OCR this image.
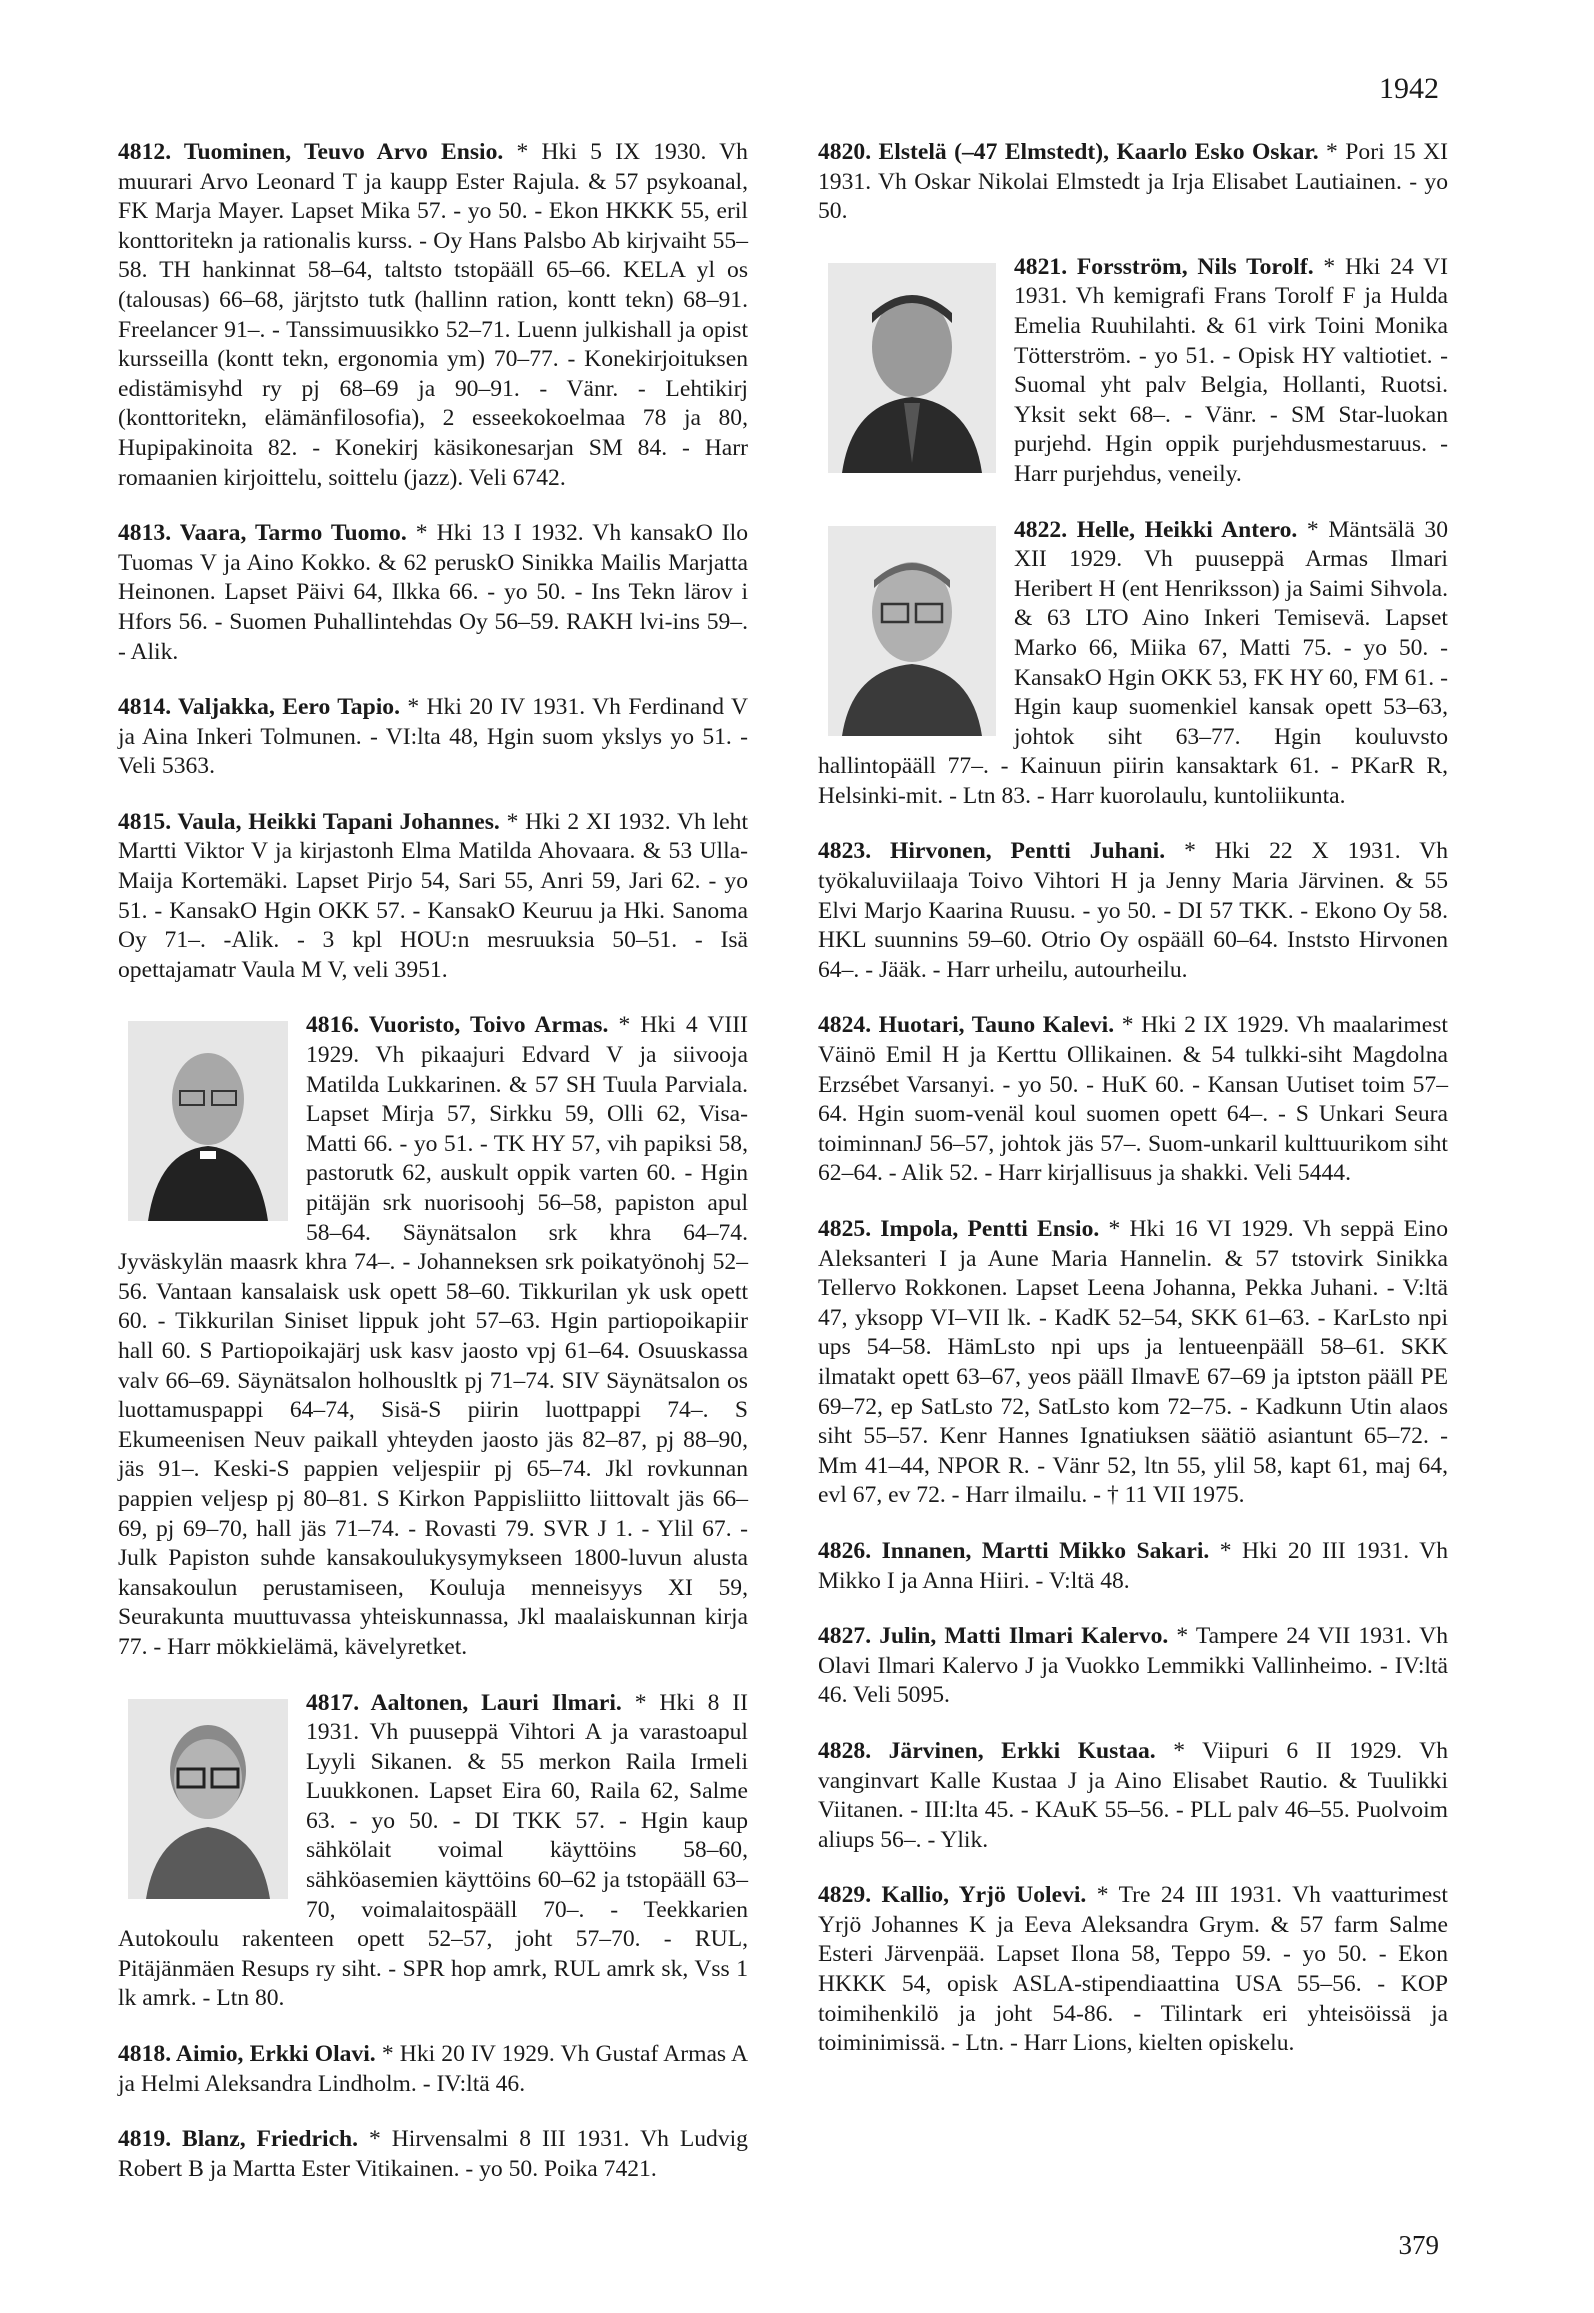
1942
4812. Tuominen, Teuvo Arvo Ensio. * Hki 5 IX 1930. Vh muurari Arvo Leonard T ja kaupp Ester Rajula. & 57 psykoanal, FK Marja Mayer. Lapset Mika 57. - yo 50. - Ekon HKKK 55, eril konttoritekn ja rationalis kurss. - Oy Hans Palsbo Ab kirjvaiht 55–58. TH hankinnat 58–64, taltsto tstopääll 65–66. KELA yl os (talousas) 66–68, järjtsto tutk (hallinn ration, kontt tekn) 68–91. Freelancer 91–. - Tanssimuusikko 52–71. Luenn julkishall ja opist kursseilla (kontt tekn, ergonomia ym) 70–77. - Konekirjoituksen edistämisyhd ry pj 68–69 ja 90–91. - Vänr. - Lehtikirj (konttoritekn, elämänfilosofia), 2 esseekokoelmaa 78 ja 80, Hupipakinoita 82. - Konekirj käsikonesarjan SM 84. - Harr romaanien kirjoittelu, soittelu (jazz). Veli 6742.
4813. Vaara, Tarmo Tuomo. * Hki 13 I 1932. Vh kansakO Ilo Tuomas V ja Aino Kokko. & 62 peruskO Sinikka Mailis Marjatta Heinonen. Lapset Päivi 64, Ilkka 66. - yo 50. - Ins Tekn lärov i Hfors 56. - Suomen Puhallintehdas Oy 56–59. RAKH lvi-ins 59–. - Alik.
4814. Valjakka, Eero Tapio. * Hki 20 IV 1931. Vh Ferdinand V ja Aina Inkeri Tolmunen. - VI:lta 48, Hgin suom ykslys yo 51. - Veli 5363.
4815. Vaula, Heikki Tapani Johannes. * Hki 2 XI 1932. Vh leht Martti Viktor V ja kirjastonh Elma Matilda Ahovaara. & 53 Ulla-Maija Kortemäki. Lapset Pirjo 54, Sari 55, Anri 59, Jari 62. - yo 51. - KansakO Hgin OKK 57. - KansakO Keuruu ja Hki. Sanoma Oy 71–. -Alik. - 3 kpl HOU:n mesruuksia 50–51. - Isä opettajamatr Vaula M V, veli 3951.
4816. Vuoristo, Toivo Armas.
* Hki 4 VIII 1929. Vh pikaajuri Edvard V ja siivooja Matilda Lukkarinen. & 57 SH Tuula Parviala. Lapset Mirja 57, Sirkku 59, Olli 62, Visa-Matti 66. - yo 51. - TK HY 57, vih papiksi 58, pastorutk 62, auskult oppik varten 60. - Hgin pitäjän srk nuorisoohj 56–58, papiston apul 58–64. Säynätsalon srk khra 64–74. Jyväskylän maasrk khra 74–. - Johanneksen srk poikatyönohj 52–56. Vantaan kansalaisk usk opett 58–60. Tikkurilan yk usk opett 60. - Tikkurilan Siniset lippuk joht 57–63. Hgin partiopoikapiir hall 60. S Partiopoikajärj usk kasv jaosto vpj 61–64. Osuuskassa valv 66–69. Säynätsalon holhousltk pj 71–74. SIV Säynätsalon os luottamuspappi 64–74, Sisä-S piirin luottpappi 74–. S Ekumeenisen Neuv paikall yhteyden jaosto jäs 82–87, pj 88–90, jäs 91–. Keski-S pappien veljespiir pj 65–74. Jkl rovkunnan pappien veljesp pj 80–81. S Kirkon Pappisliitto liittovalt jäs 66–69, pj 69–70, hall jäs 71–74. - Rovasti 79. SVR J 1. - Ylil 67. - Julk Papiston suhde kansakoulukysymykseen 1800-luvun alusta kansakoulun perustamiseen, Kouluja menneisyys XI 59, Seurakunta muuttuvassa yhteiskunnassa, Jkl maalaiskunnan kirja 77. - Harr mökkielämä, kävelyretket.
4817. Aaltonen, Lauri Ilmari.
* Hki 8 II 1931. Vh puuseppä Vihtori A ja varastoapul Lyyli Sikanen. & 55 merkon Raila Irmeli Luukkonen. Lapset Eira 60, Raila 62, Salme 63. - yo 50. - DI TKK 57. - Hgin kaup sähkölait voimal käyttöins 58–60, sähköasemien käyttöins 60–62 ja tstopääll 63–70, voimalaitospääll 70–. - Teekkarien Autokoulu rakenteen opett 52–57, joht 57–70. - RUL, Pitäjänmäen Resups ry siht. - SPR hop amrk, RUL amrk sk, Vss 1 lk amrk. - Ltn 80.
4818. Aimio, Erkki Olavi. * Hki 20 IV 1929. Vh Gustaf Armas A ja Helmi Aleksandra Lindholm. - IV:ltä 46.
4819. Blanz, Friedrich. * Hirvensalmi 8 III 1931. Vh Ludvig Robert B ja Martta Ester Vitikainen. - yo 50. Poika 7421.
4820. Elstelä (–47 Elmstedt), Kaarlo Esko Oskar. * Pori 15 XI 1931. Vh Oskar Nikolai Elmstedt ja Irja Elisabet Lautiainen. - yo 50.
4821. Forsström, Nils Torolf.
* Hki 24 VI 1931. Vh kemigrafi Frans Torolf F ja Hulda Emelia Ruuhilahti. & 61 virk Toini Monika Tötterström. - yo 51. - Opisk HY valtiotiet. - Suomal yht palv Belgia, Hollanti, Ruotsi. Yksit sekt 68–. - Vänr. - SM Star-luokan purjehd. Hgin oppik purjehdusmestaruus. - Harr purjehdus, veneily.
4822. Helle, Heikki Antero.
* Mäntsälä 30 XII 1929. Vh puuseppä Armas Ilmari Heribert H (ent Henriksson) ja Saimi Sihvola. & 63 LTO Aino Inkeri Temisevä. Lapset Marko 66, Miika 67, Matti 75. - yo 50. - KansakO Hgin OKK 53, FK HY 60, FM 61. - Hgin kaup suomenkiel kansak opett 53–63, johtok siht 63–77. Hgin kouluvsto hallintopääll 77–. - Kainuun piirin kansaktark 61. - PKarR R, Helsinki-mit. - Ltn 83. - Harr kuorolaulu, kuntoliikunta.
4823. Hirvonen, Pentti Juhani. * Hki 22 X 1931. Vh työkaluviilaaja Toivo Vihtori H ja Jenny Maria Järvinen. & 55 Elvi Marjo Kaarina Ruusu. - yo 50. - DI 57 TKK. - Ekono Oy 58. HKL suunnins 59–60. Otrio Oy ospääll 60–64. Inststo Hirvonen 64–. - Jääk. - Harr urheilu, autourheilu.
4824. Huotari, Tauno Kalevi. * Hki 2 IX 1929. Vh maalarimest Väinö Emil H ja Kerttu Ollikainen. & 54 tulkki-siht Magdolna Erzsébet Varsanyi. - yo 50. - HuK 60. - Kansan Uutiset toim 57–64. Hgin suom-venäl koul suomen opett 64–. - S Unkari Seura toiminnanJ 56–57, johtok jäs 57–. Suom-unkaril kulttuurikom siht 62–64. - Alik 52. - Harr kirjallisuus ja shakki. Veli 5444.
4825. Impola, Pentti Ensio. * Hki 16 VI 1929. Vh seppä Eino Aleksanteri I ja Aune Maria Hannelin. & 57 tstovirk Sinikka Tellervo Rokkonen. Lapset Leena Johanna, Pekka Juhani. - V:ltä 47, yksopp VI–VII lk. - KadK 52–54, SKK 61–63. - KarLsto npi ups 54–58. HämLsto npi ups ja lentueenpääll 58–61. SKK ilmatakt opett 63–67, yeos pääll IlmavE 67–69 ja iptston pääll PE 69–72, ep SatLsto 72, SatLsto kom 72–75. - Kadkunn Utin alaos siht 55–57. Kenr Hannes Ignatiuksen säätiö asiantunt 65–72. - Mm 41–44, NPOR R. - Vänr 52, ltn 55, ylil 58, kapt 61, maj 64, evl 67, ev 72. - Harr ilmailu. - † 11 VII 1975.
4826. Innanen, Martti Mikko Sakari. * Hki 20 III 1931. Vh Mikko I ja Anna Hiiri. - V:ltä 48.
4827. Julin, Matti Ilmari Kalervo. * Tampere 24 VII 1931. Vh Olavi Ilmari Kalervo J ja Vuokko Lemmikki Vallinheimo. - IV:ltä 46. Veli 5095.
4828. Järvinen, Erkki Kustaa. * Viipuri 6 II 1929. Vh vanginvart Kalle Kustaa J ja Aino Elisabet Rautio. & Tuulikki Viitanen. - III:lta 45. - KAuK 55–56. - PLL palv 46–55. Puolvoim aliups 56–. - Ylik.
4829. Kallio, Yrjö Uolevi. * Tre 24 III 1931. Vh vaatturimest Yrjö Johannes K ja Eeva Aleksandra Grym. & 57 farm Salme Esteri Järvenpää. Lapset Ilona 58, Teppo 59. - yo 50. - Ekon HKKK 54, opisk ASLA-stipendiaattina USA 55–56. - KOP toimihenkilö ja joht 54-86. - Tilintark eri yhteisöissä ja toiminimissä. - Ltn. - Harr Lions, kielten opiskelu.
379
